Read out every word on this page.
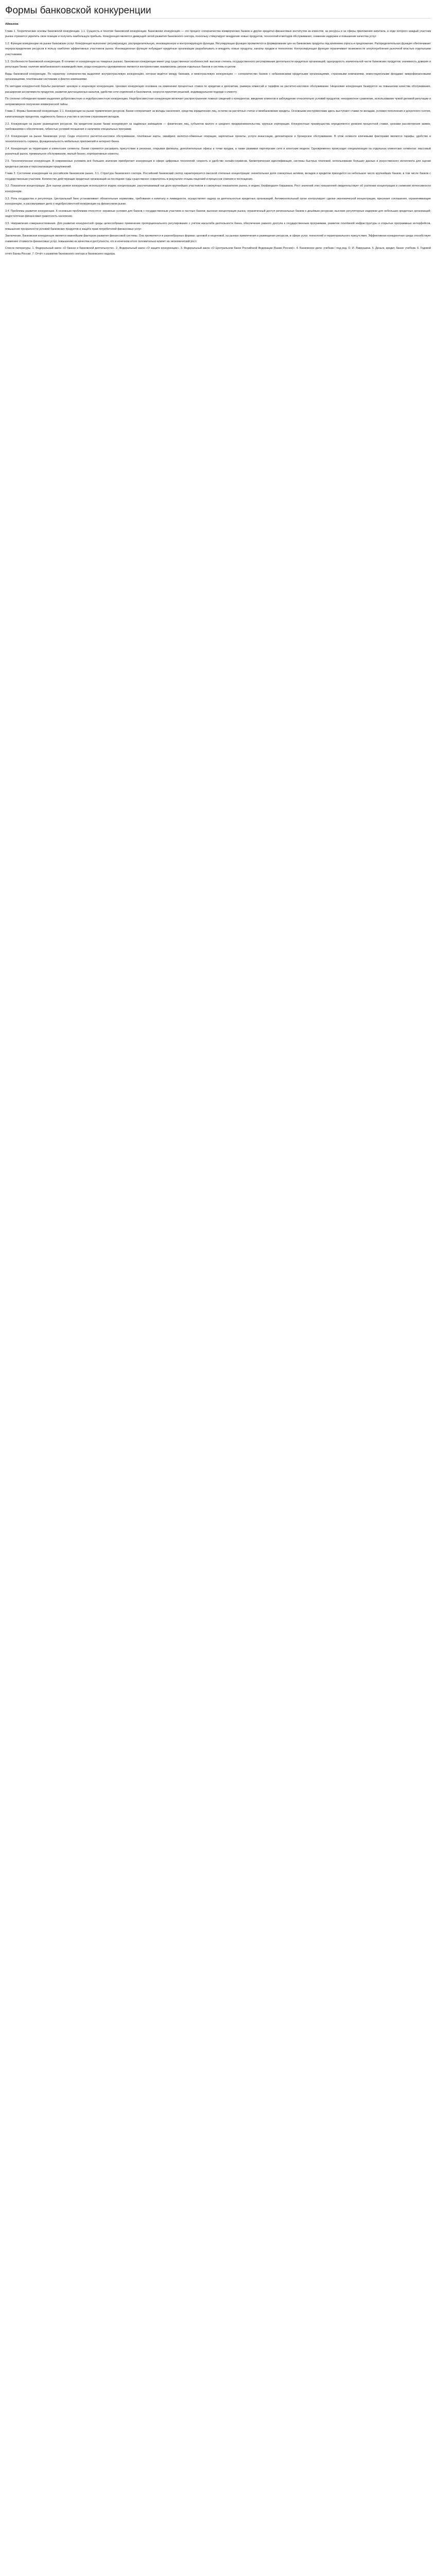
Формы банковской конкуренции

Айвазова

Глава 1. Теоретические основы банковской конкуренции. 1.1. Сущность и понятие банковской конкуренции. Банковская конкуренция — это процесс соперничества коммерческих банков и других кредитно-финансовых институтов за клиентов, за ресурсы и за сферы приложения капитала, в ходе которого каждый участник рынка стремится укрепить свои позиции и получить наибольшую прибыль. Конкуренция является движущей силой развития банковского сектора, поскольку стимулирует внедрение новых продуктов, технологий и методов обслуживания, снижение издержек и повышение качества услуг.

1.2. Функции конкуренции на рынке банковских услуг. Конкуренция выполняет регулирующую, распределительную, инновационную и контролирующую функции. Регулирующая функция проявляется в формировании цен на банковские продукты под влиянием спроса и предложения. Распределительная функция обеспечивает перераспределение ресурсов в пользу наиболее эффективных участников рынка. Инновационная функция побуждает кредитные организации разрабатывать и внедрять новые продукты, каналы продаж и технологии. Контролирующая функция ограничивает возможности злоупотребления рыночной властью отдельными участниками.

1.3. Особенности банковской конкуренции. В отличие от конкуренции на товарных рынках, банковская конкуренция имеет ряд существенных особенностей: высокая степень государственного регулирования деятельности кредитных организаций; однородность значительной части банковских продуктов; значимость доверия и репутации банка; наличие межбанковского взаимодействия, когда конкуренты одновременно являются контрагентами; взаимосвязь рисков отдельных банков и системы в целом.

Виды банковской конкуренции. По характеру соперничества выделяют внутриотраслевую конкуренцию, которая ведётся между банками, и межотраслевую конкуренцию — соперничество банков с небанковскими кредитными организациями, страховыми компаниями, инвестиционными фондами, микрофинансовыми организациями, платёжными системами и финтех-компаниями.

По методам конкурентной борьбы различают ценовую и неценовую конкуренцию. Ценовая конкуренция основана на изменении процентных ставок по кредитам и депозитам, размера комиссий и тарифов на расчётно-кассовое обслуживание. Неценовая конкуренция базируется на повышении качества обслуживания, расширении ассортимента продуктов, развитии дистанционных каналов, удобстве сети отделений и банкоматов, скорости принятия решений, индивидуальном подходе к клиенту.

По степени соблюдения правил выделяют добросовестную и недобросовестную конкуренцию. Недобросовестная конкуренция включает распространение ложных сведений о конкурентах, введение клиентов в заблуждение относительно условий продуктов, некорректное сравнение, использование чужой деловой репутации и неправомерное получение коммерческой тайны.

Глава 2. Формы банковской конкуренции. 2.1. Конкуренция на рынке привлечения ресурсов. Банки соперничают за вклады населения, средства юридических лиц, остатки на расчётных счетах и межбанковские кредиты. Основными инструментами здесь выступают ставки по вкладам, условия пополнения и досрочного снятия, капитализация процентов, надёжность банка и участие в системе страхования вкладов.

2.2. Конкуренция на рынке размещения ресурсов. На кредитном рынке банки конкурируют за надёжных заёмщиков — физических лиц, субъектов малого и среднего предпринимательства, крупные корпорации. Конкурентные преимущества определяются уровнем процентной ставки, сроками рассмотрения заявок, требованиями к обеспечению, гибкостью условий погашения и наличием специальных программ.

2.3. Конкуренция на рынке банковских услуг. Сюда относятся расчётно-кассовое обслуживание, платёжные карты, эквайринг, валютно-обменные операции, зарплатные проекты, услуги инкассации, депозитарное и брокерское обслуживание. В этом сегменте ключевыми факторами являются тарифы, удобство и технологичность сервиса, функциональность мобильных приложений и интернет-банка.

2.4. Конкуренция за территорию и клиентские сегменты. Банки стремятся расширить присутствие в регионах, открывая филиалы, дополнительные офисы и точки продаж, а также развивая партнёрские сети и агентские модели. Одновременно происходит специализация на отдельных клиентских сегментах: массовый розничный рынок, премиальное обслуживание, малый бизнес, корпоративные клиенты.

2.5. Технологическая конкуренция. В современных условиях всё большее значение приобретает конкуренция в сфере цифровых технологий: скорость и удобство онлайн-сервисов, биометрическая идентификация, системы быстрых платежей, использование больших данных и искусственного интеллекта для оценки кредитных рисков и персонализации предложений.

Глава 3. Состояние конкуренции на российском банковском рынке. 3.1. Структура банковского сектора. Российский банковский сектор характеризуется высокой степенью концентрации: значительная доля совокупных активов, вкладов и кредитов приходится на небольшое число крупнейших банков, в том числе банков с государственным участием. Количество действующих кредитных организаций за последние годы существенно сократилось в результате отзыва лицензий и процессов слияния и поглощения.

3.2. Показатели концентрации. Для оценки уровня конкуренции используются индекс концентрации, рассчитываемый как доля крупнейших участников в совокупных показателях рынка, и индекс Херфиндаля–Хиршмана. Рост значений этих показателей свидетельствует об усилении концентрации и снижении интенсивности конкуренции.

3.3. Роль государства и регулятора. Центральный банк устанавливает обязательные нормативы, требования к капиталу и ликвидности, осуществляет надзор за деятельностью кредитных организаций. Антимонопольный орган контролирует сделки экономической концентрации, пресекает соглашения, ограничивающие конкуренцию, и рассматривает дела о недобросовестной конкуренции на финансовом рынке.

3.4. Проблемы развития конкуренции. К основным проблемам относятся: неравные условия для банков с государственным участием и частных банков; высокая концентрация рынка; ограниченный доступ региональных банков к дешёвым ресурсам; высокие регуляторные издержки для небольших кредитных организаций; недостаточная финансовая грамотность населения.

3.5. Направления совершенствования. Для развития конкурентной среды целесообразно применение пропорционального регулирования с учётом масштаба деятельности банка, обеспечение равного доступа к государственным программам, развитие платёжной инфраструктуры и открытых программных интерфейсов, повышение прозрачности условий банковских продуктов и защита прав потребителей финансовых услуг.

Заключение. Банковская конкуренция является важнейшим фактором развития финансовой системы. Она проявляется в разнообразных формах: ценовой и неценовой, на рынках привлечения и размещения ресурсов, в сфере услуг, технологий и территориального присутствия. Эффективная конкурентная среда способствует снижению стоимости финансовых услуг, повышению их качества и доступности, что в конечном итоге положительно влияет на экономический рост.

Список литературы. 1. Федеральный закон «О банках и банковской деятельности». 2. Федеральный закон «О защите конкуренции». 3. Федеральный закон «О Центральном банке Российской Федерации (Банке России)». 4. Банковское дело: учебник / под ред. О. И. Лаврушина. 5. Деньги, кредит, банки: учебник. 6. Годовой отчёт Банка России. 7. Отчёт о развитии банковского сектора и банковского надзора.
